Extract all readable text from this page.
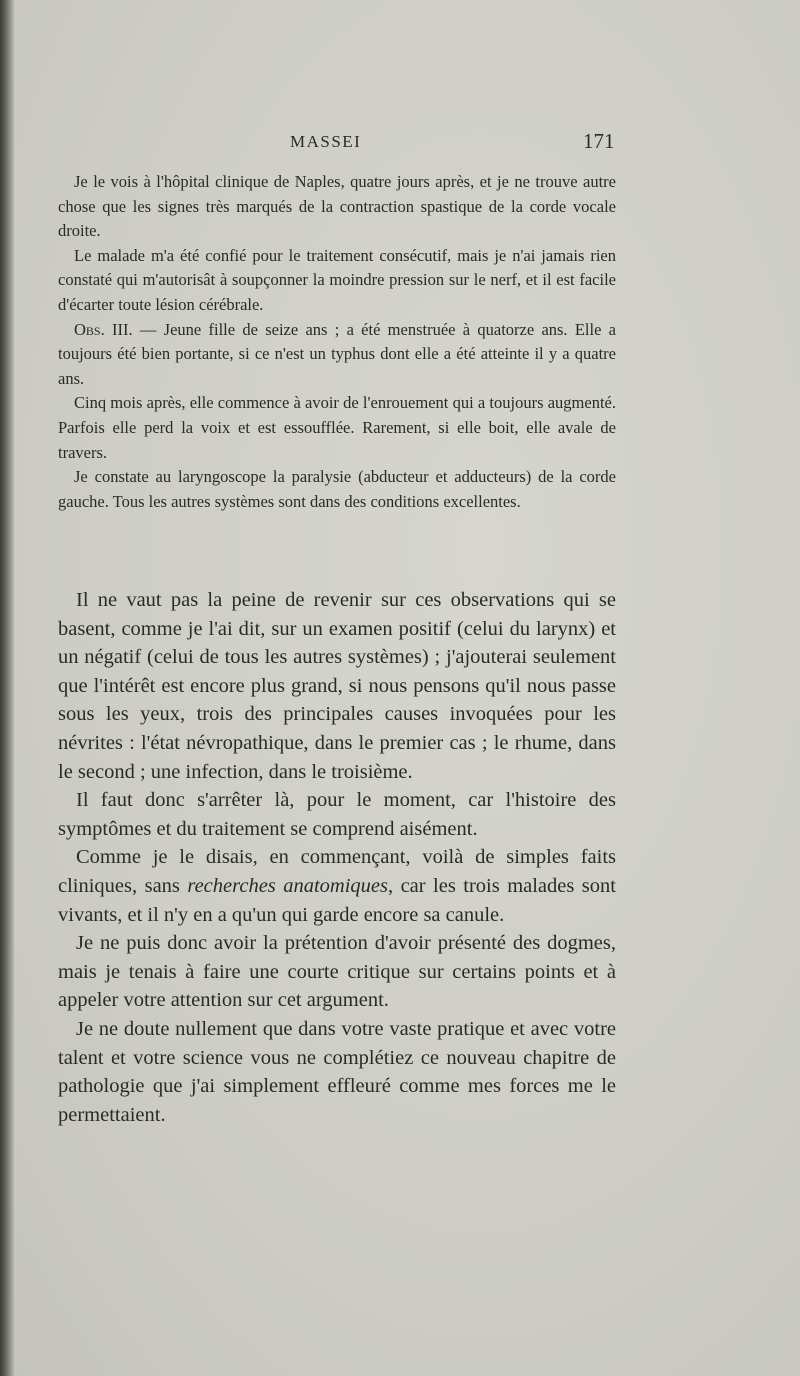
MASSEI	171

Je le vois à l'hôpital clinique de Naples, quatre jours après, et je ne trouve autre chose que les signes très marqués de la contraction spastique de la corde vocale droite.

Le malade m'a été confié pour le traitement consécutif, mais je n'ai jamais rien constaté qui m'autorisât à soupçonner la moindre pression sur le nerf, et il est facile d'écarter toute lésion cérébrale.

Obs. III. — Jeune fille de seize ans ; a été menstruée à quatorze ans. Elle a toujours été bien portante, si ce n'est un typhus dont elle a été atteinte il y a quatre ans.

Cinq mois après, elle commence à avoir de l'enrouement qui a toujours augmenté. Parfois elle perd la voix et est essoufflée. Rarement, si elle boit, elle avale de travers.

Je constate au laryngoscope la paralysie (abducteur et adducteurs) de la corde gauche. Tous les autres systèmes sont dans des conditions excellentes.

Il ne vaut pas la peine de revenir sur ces observations qui se basent, comme je l'ai dit, sur un examen positif (celui du larynx) et un négatif (celui de tous les autres systèmes) ; j'ajouterai seulement que l'intérêt est encore plus grand, si nous pensons qu'il nous passe sous les yeux, trois des principales causes invoquées pour les névrites : l'état névropathique, dans le premier cas ; le rhume, dans le second ; une infection, dans le troisième.

Il faut donc s'arrêter là, pour le moment, car l'histoire des symptômes et du traitement se comprend aisément.

Comme je le disais, en commençant, voilà de simples faits cliniques, sans recherches anatomiques, car les trois malades sont vivants, et il n'y en a qu'un qui garde encore sa canule.

Je ne puis donc avoir la prétention d'avoir présenté des dogmes, mais je tenais à faire une courte critique sur certains points et à appeler votre attention sur cet argument.

Je ne doute nullement que dans votre vaste pratique et avec votre talent et votre science vous ne complétiez ce nouveau chapitre de pathologie que j'ai simplement effleuré comme mes forces me le permettaient.
